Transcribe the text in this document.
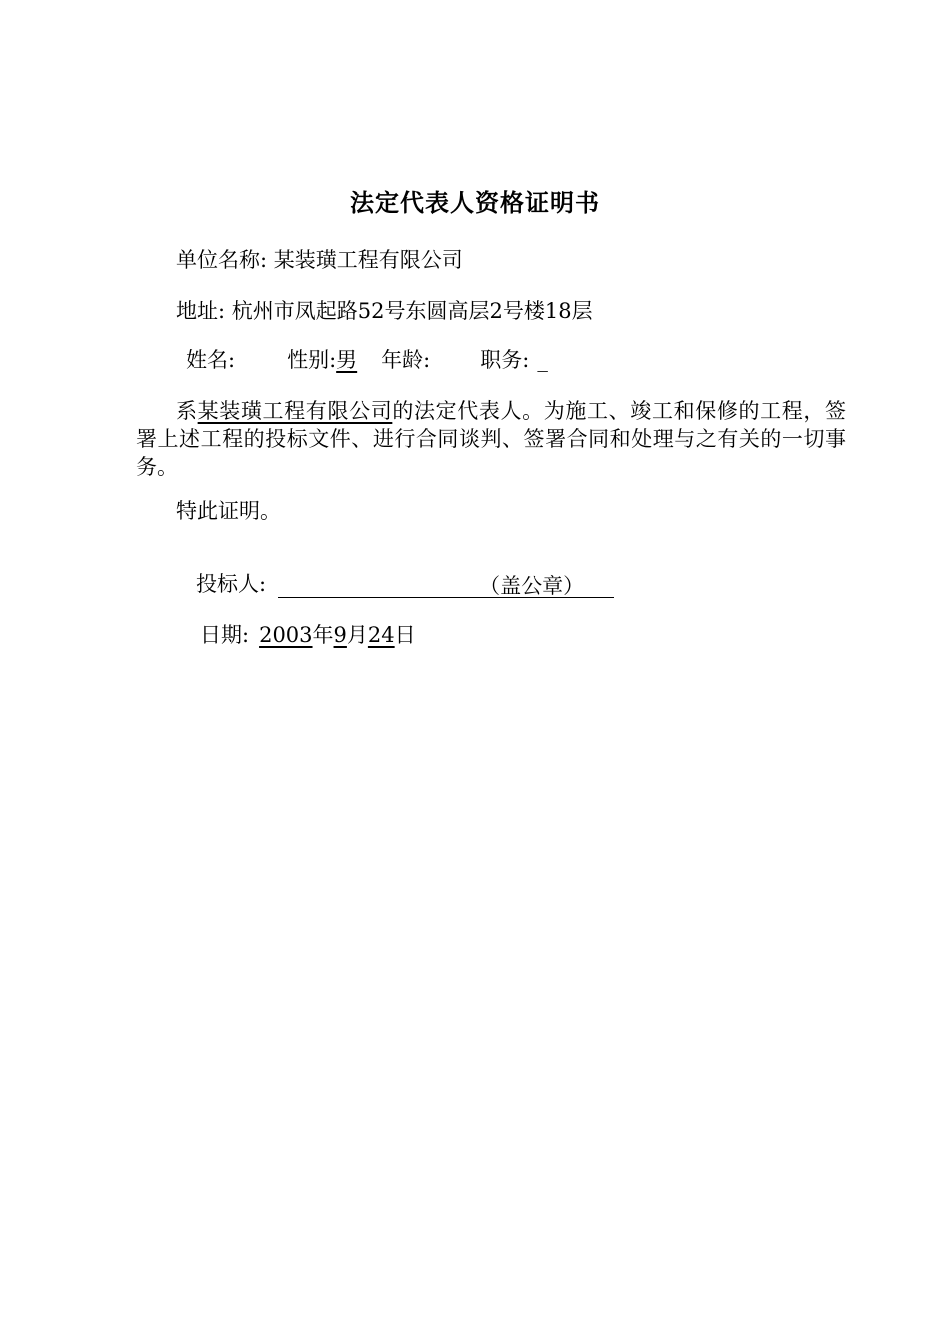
法定代表人资格证明书
单位名称: 某装璜工程有限公司
地址: 杭州市凤起路52号东圆高层2号楼18层
姓名: 性别:男 年龄: 职务: _
系某装璜工程有限公司的法定代表人。为施工、竣工和保修的工程，签署上述工程的投标文件、进行合同谈判、签署合同和处理与之有关的一切事务。
特此证明。
投标人:	（盖公章）
日期: 2003年9月24日
